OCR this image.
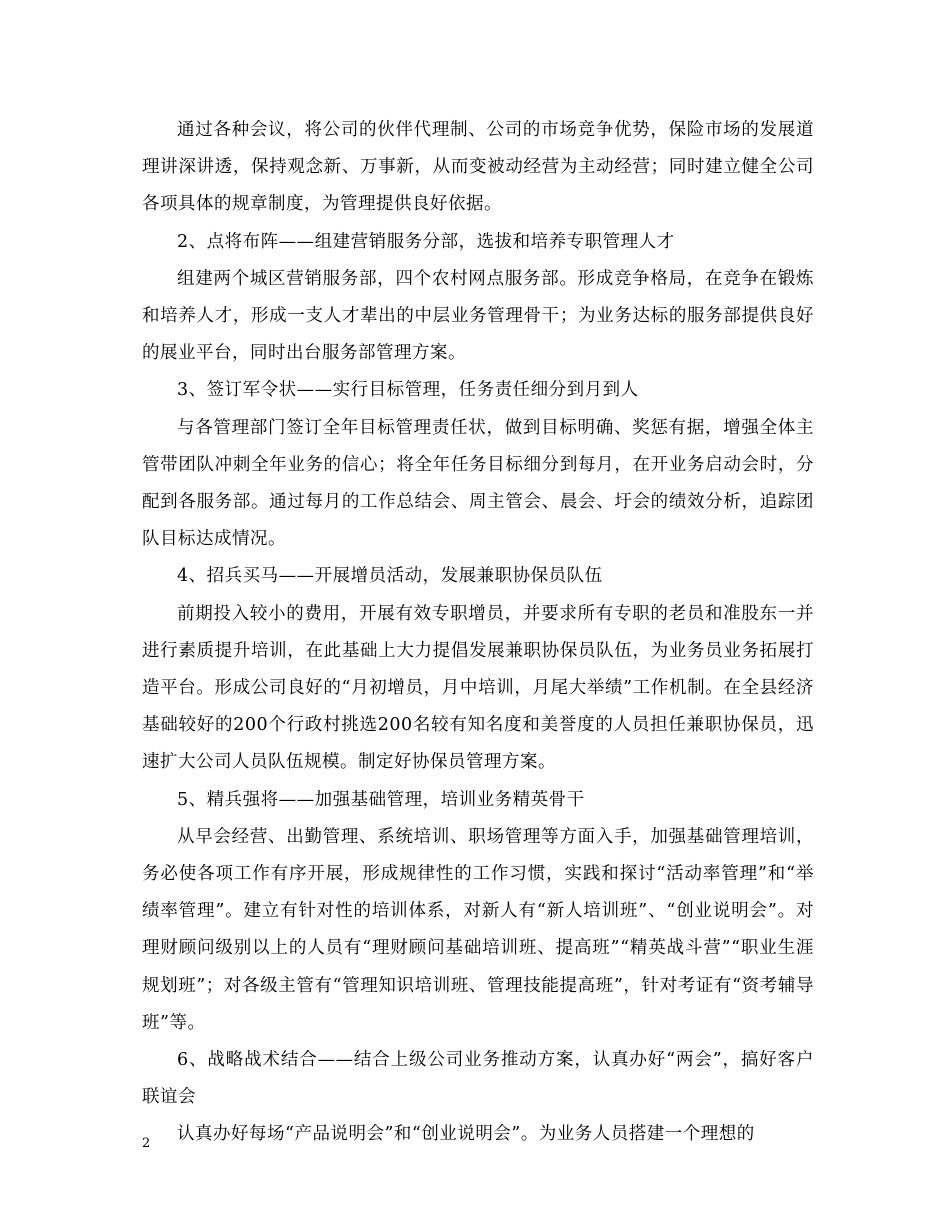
通过各种会议，将公司的伙伴代理制、公司的市场竞争优势，保险市场的发展道理讲深讲透，保持观念新、万事新，从而变被动经营为主动经营；同时建立健全公司各项具体的规章制度，为管理提供良好依据。

2、点将布阵——组建营销服务分部，选拔和培养专职管理人才

组建两个城区营销服务部，四个农村网点服务部。形成竞争格局，在竞争在锻炼和培养人才，形成一支人才辈出的中层业务管理骨干；为业务达标的服务部提供良好的展业平台，同时出台服务部管理方案。

3、签订军令状——实行目标管理，任务责任细分到月到人

与各管理部门签订全年目标管理责任状，做到目标明确、奖惩有据，增强全体主管带团队冲刺全年业务的信心；将全年任务目标细分到每月，在开业务启动会时，分配到各服务部。通过每月的工作总结会、周主管会、晨会、圩会的绩效分析，追踪团队目标达成情况。

4、招兵买马——开展增员活动，发展兼职协保员队伍

前期投入较小的费用，开展有效专职增员，并要求所有专职的老员和准股东一并进行素质提升培训，在此基础上大力提倡发展兼职协保员队伍，为业务员业务拓展打造平台。形成公司良好的“月初增员，月中培训，月尾大举绩”工作机制。在全县经济基础较好的200个行政村挑选200名较有知名度和美誉度的人员担任兼职协保员，迅速扩大公司人员队伍规模。制定好协保员管理方案。

5、精兵强将——加强基础管理，培训业务精英骨干

从早会经营、出勤管理、系统培训、职场管理等方面入手，加强基础管理培训，务必使各项工作有序开展，形成规律性的工作习惯，实践和探讨“活动率管理”和“举绩率管理”。建立有针对性的培训体系，对新人有“新人培训班”、“创业说明会”。对理财顾问级别以上的人员有“理财顾问基础培训班、提高班”“精英战斗营”“职业生涯规划班”；对各级主管有“管理知识培训班、管理技能提高班”，针对考证有“资考辅导班”等。

6、战略战术结合——结合上级公司业务推动方案，认真办好“两会”，搞好客户联谊会

认真办好每场“产品说明会”和“创业说明会”。为业务人员搭建一个理想的

2
